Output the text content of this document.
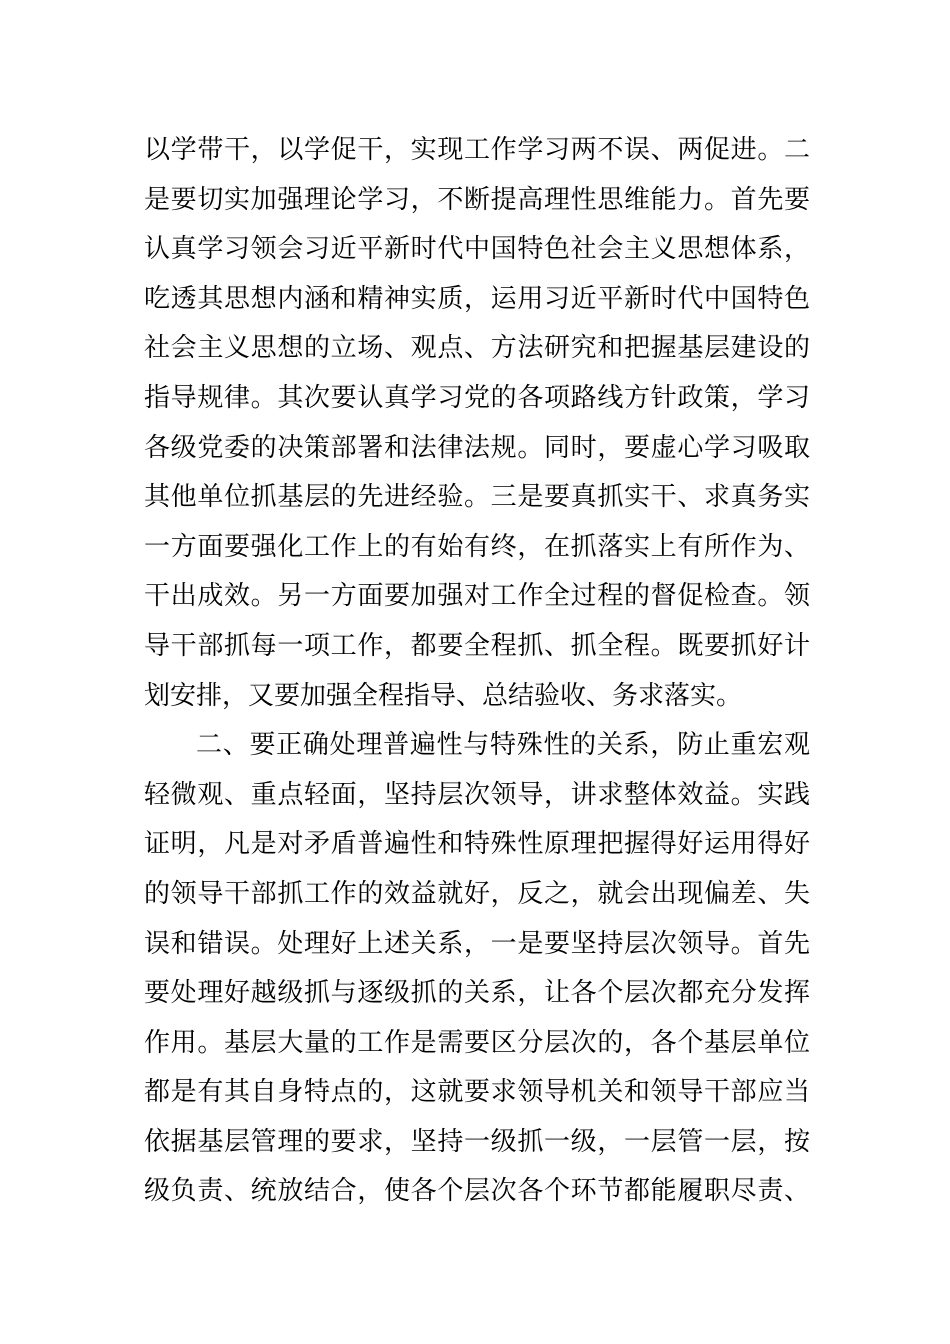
以学带干，以学促干，实现工作学习两不误、两促进。二
是要切实加强理论学习，不断提高理性思维能力。首先要
认真学习领会习近平新时代中国特色社会主义思想体系，
吃透其思想内涵和精神实质，运用习近平新时代中国特色
社会主义思想的立场、观点、方法研究和把握基层建设的
指导规律。其次要认真学习党的各项路线方针政策，学习
各级党委的决策部署和法律法规。同时，要虚心学习吸取
其他单位抓基层的先进经验。三是要真抓实干、求真务实
一方面要强化工作上的有始有终，在抓落实上有所作为、
干出成效。另一方面要加强对工作全过程的督促检查。领
导干部抓每一项工作，都要全程抓、抓全程。既要抓好计
划安排，又要加强全程指导、总结验收、务求落实。
二、要正确处理普遍性与特殊性的关系，防止重宏观
轻微观、重点轻面，坚持层次领导，讲求整体效益。实践
证明，凡是对矛盾普遍性和特殊性原理把握得好运用得好
的领导干部抓工作的效益就好，反之，就会出现偏差、失
误和错误。处理好上述关系，一是要坚持层次领导。首先
要处理好越级抓与逐级抓的关系，让各个层次都充分发挥
作用。基层大量的工作是需要区分层次的，各个基层单位
都是有其自身特点的，这就要求领导机关和领导干部应当
依据基层管理的要求，坚持一级抓一级，一层管一层，按
级负责、统放结合，使各个层次各个环节都能履职尽责、
